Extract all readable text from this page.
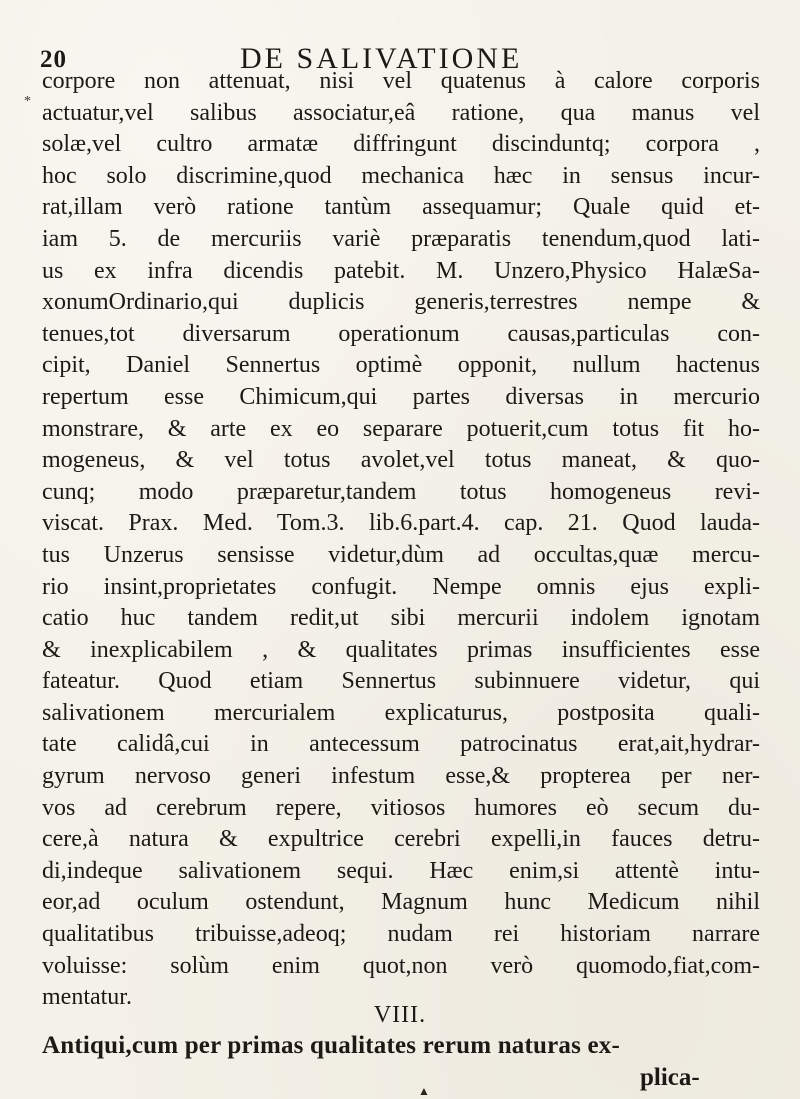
*
20	DE SALIVATIONE
corpore non attenuat, nisi vel quatenus à calore corporis
actuatur,vel salibus associatur,eâ ratione, qua manus vel
solæ,vel cultro armatæ diffringunt discinduntq; corpora ,
hoc solo discrimine,quod mechanica hæc in sensus incur-
rat,illam verò ratione tantùm assequamur; Quale quid et-
iam 5. de mercuriis variè præparatis tenendum,quod lati-
us ex infra dicendis patebit. M. Unzero,Physico HalæSa-
xonumOrdinario,qui duplicis generis,terrestres nempe &
tenues,tot diversarum operationum causas,particulas con-
cipit, Daniel Sennertus optimè opponit, nullum hactenus
repertum esse Chimicum,qui partes diversas in mercurio
monstrare, & arte ex eo separare potuerit,cum totus fit ho-
mogeneus, & vel totus avolet,vel totus maneat, & quo-
cunq; modo præparetur,tandem totus homogeneus revi-
viscat. Prax. Med. Tom.3. lib.6.part.4. cap. 21. Quod lauda-
tus Unzerus sensisse videtur,dùm ad occultas,quæ mercu-
rio insint,proprietates confugit. Nempe omnis ejus expli-
catio huc tandem redit,ut sibi mercurii indolem ignotam
& inexplicabilem , & qualitates primas insufficientes esse
fateatur. Quod etiam Sennertus subinnuere videtur, qui
salivationem mercurialem explicaturus, postposita quali-
tate calidâ,cui in antecessum patrocinatus erat,ait,hydrar-
gyrum nervoso generi infestum esse,& propterea per ner-
vos ad cerebrum repere, vitiosos humores eò secum du-
cere,à natura & expultrice cerebri expelli,in fauces detru-
di,indeque salivationem sequi. Hæc enim,si attentè intu-
eor,ad oculum ostendunt, Magnum hunc Medicum nihil
qualitatibus tribuisse,adeoq; nudam rei historiam narrare
voluisse: solùm enim quot,non verò quomodo,fiat,com-
mentatur.
VIII.
Antiqui,cum per primas qualitates rerum naturas ex-
plica-
▲
